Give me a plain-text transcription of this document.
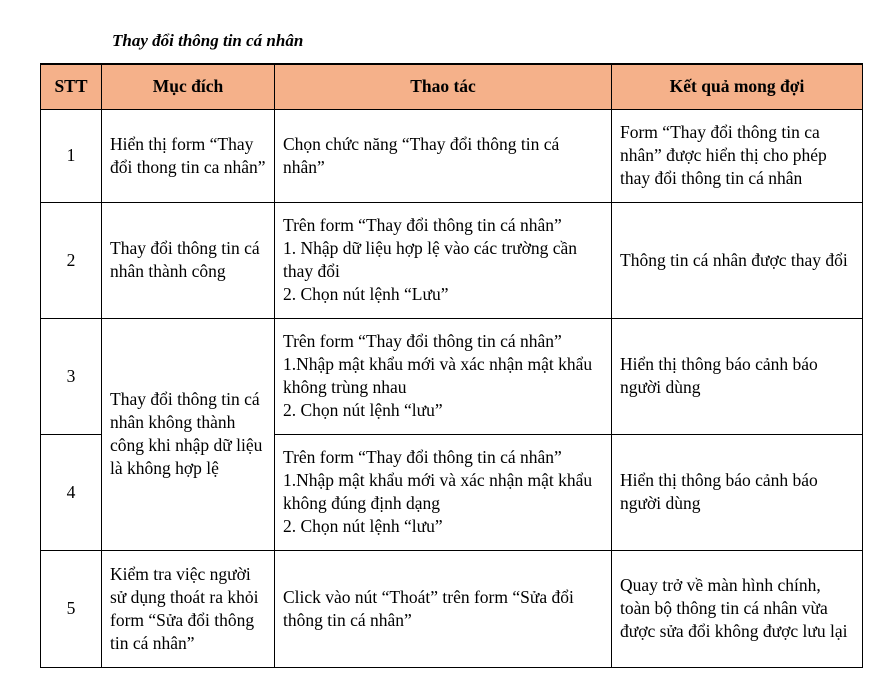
Thay đổi thông tin cá nhân
STT	Mục đích	Thao tác	Kết quả mong đợi
1	Hiển thị form “Thay đổi thong tin ca nhân”	Chọn chức năng “Thay đổi thông tin cá nhân”	Form “Thay đổi thông tin ca nhân” được hiển thị cho phép thay đổi thông tin cá nhân
2	Thay đổi thông tin cá nhân thành công	Trên form “Thay đổi thông tin cá nhân”
1. Nhập dữ liệu hợp lệ vào các trường cần thay đổi
2. Chọn nút lệnh “Lưu”	Thông tin cá nhân được thay đổi
3	Thay đổi thông tin cá nhân không thành công khi nhập dữ liệu là không hợp lệ	Trên form “Thay đổi thông tin cá nhân”
1.Nhập mật khẩu mới và xác nhận mật khẩu không trùng nhau
2. Chọn nút lệnh “lưu”	Hiển thị thông báo cảnh báo người dùng
4		Trên form “Thay đổi thông tin cá nhân”
1.Nhập mật khẩu mới và xác nhận mật khẩu không đúng định dạng
2. Chọn nút lệnh “lưu”	Hiển thị thông báo cảnh báo người dùng
5	Kiểm tra việc người sử dụng thoát ra khỏi form “Sửa đổi thông tin cá nhân”	Click vào nút “Thoát” trên form “Sửa đổi thông tin cá nhân”	Quay trở về màn hình chính, toàn bộ thông tin cá nhân vừa được sửa đổi không được lưu lại
